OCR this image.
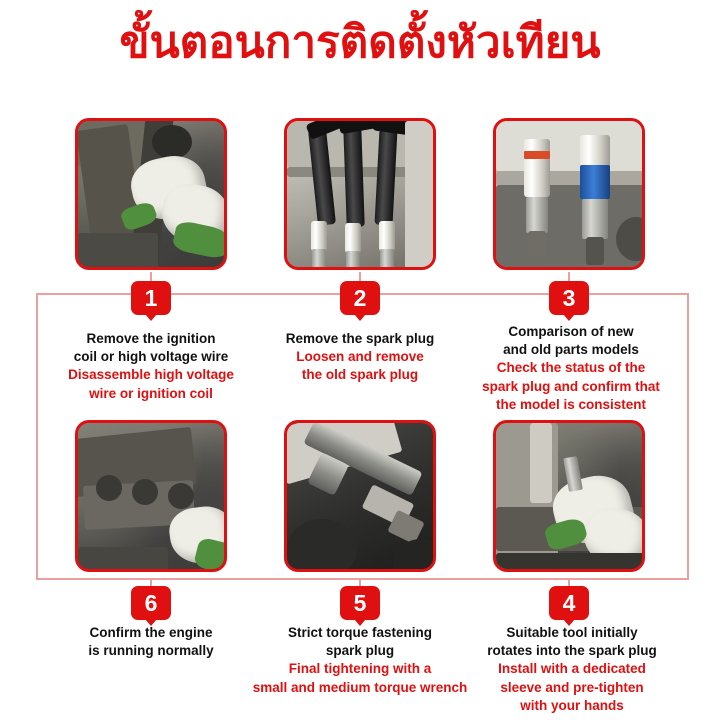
ขั้นตอนการติดตั้งหัวเทียน
1	2	3
Remove the ignition
coil or high voltage wire
Disassemble high voltage
wire or ignition coil
Remove the spark plug
Loosen and remove
the old spark plug
Comparison of new
and old parts models
Check the status of the
spark plug and confirm that
the model is consistent
6	5	4
Confirm the engine
is running normally
Strict torque fastening
spark plug
Final tightening with a
small and medium torque wrench
Suitable tool initially
rotates into the spark plug
Install with a dedicated
sleeve and pre-tighten
with your hands
